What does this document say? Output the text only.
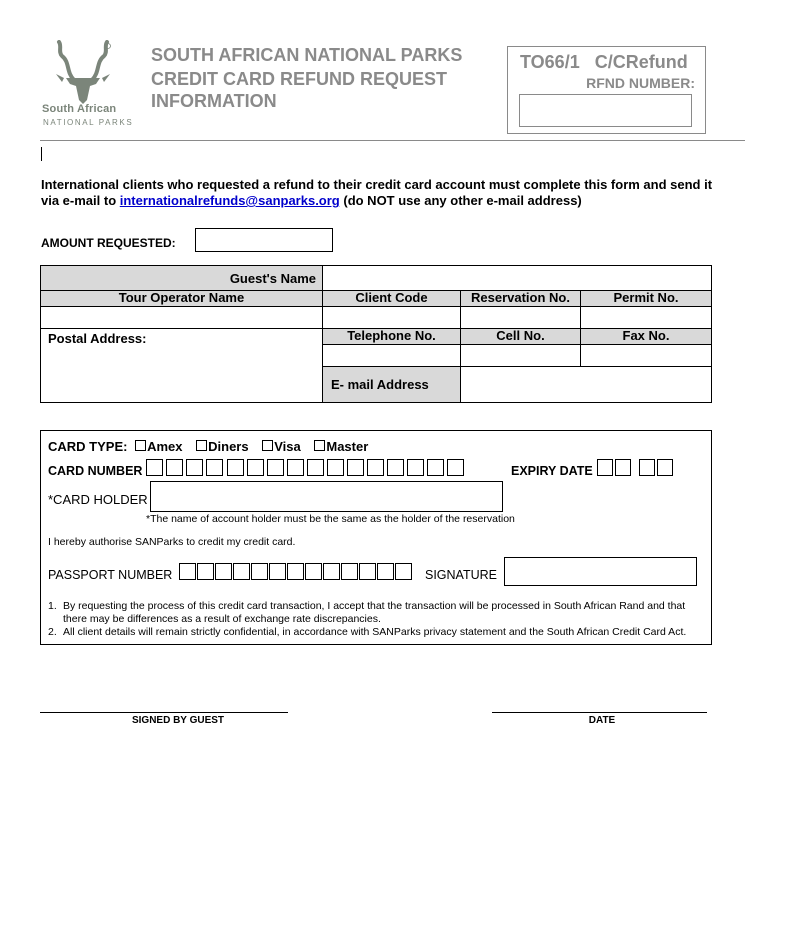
South African
NATIONAL PARKS
SOUTH AFRICAN NATIONAL PARKS
CREDIT CARD REFUND REQUEST
INFORMATION
TO66/1   C/CRefund
RFND NUMBER:
International clients who requested a refund to their credit card account must complete this form and send it
via e-mail to internationalrefunds@sanparks.org (do NOT use any other e-mail address)
AMOUNT REQUESTED:
Guest's Name
Tour Operator Name	Client Code	Reservation No.	Permit No.
Postal Address:	Telephone No.	Cell No.	Fax No.
E- mail Address
CARD TYPE: Amex Diners Visa Master
CARD NUMBER	EXPIRY DATE
*CARD HOLDER
*The name of account holder must be the same as the holder of the reservation
I hereby authorise SANParks to credit my credit card.
PASSPORT NUMBER	SIGNATURE
1. By requesting the process of this credit card transaction, I accept that the transaction will be processed in South African Rand and that
there may be differences as a result of exchange rate discrepancies.
2. All client details will remain strictly confidential, in accordance with SANParks privacy statement and the South African Credit Card Act.
SIGNED BY GUEST	DATE
